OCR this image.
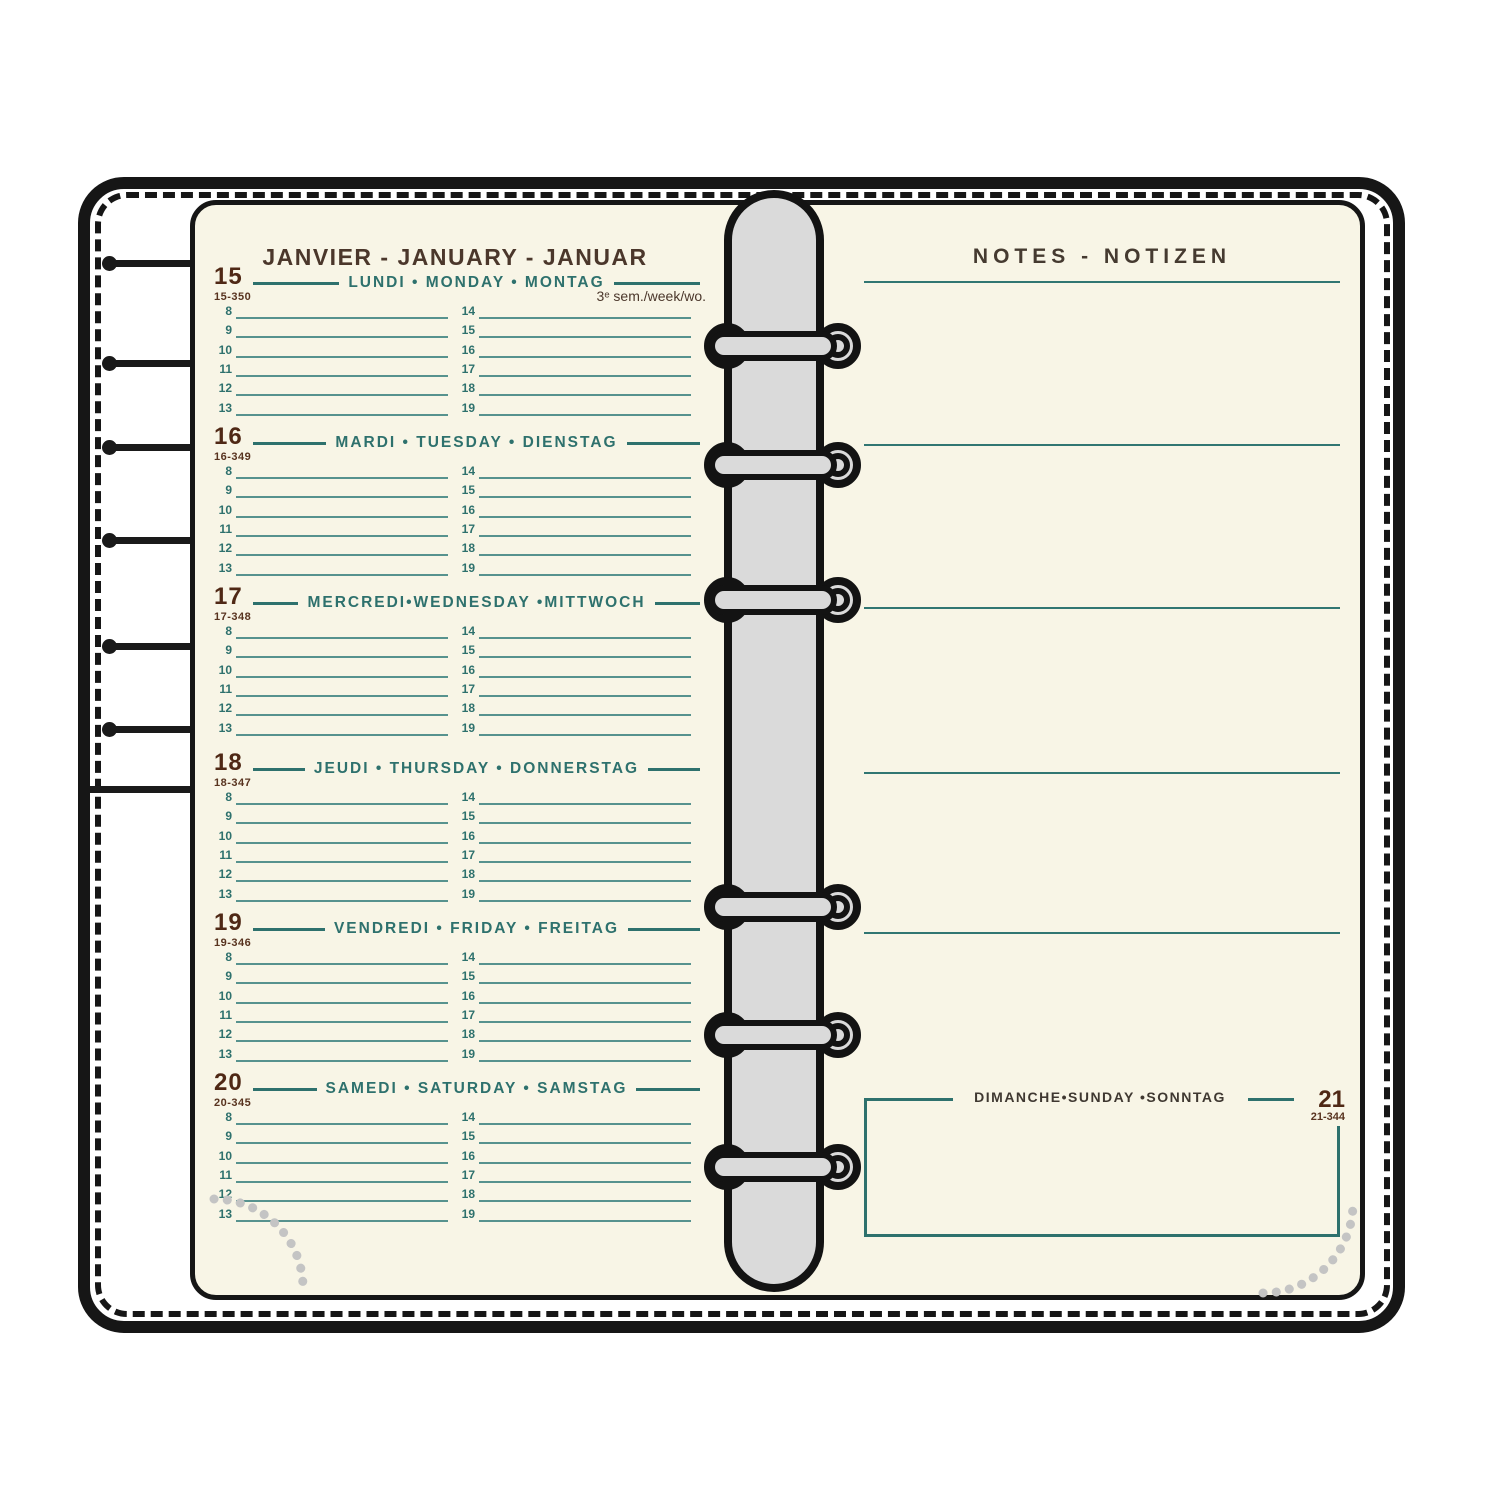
JANVIER - JANUARY - JANUAR
LUNDI • MONDAY • MONTAG
15
15-350	3ᵉ sem./week/wo.
8	14
9	15
10	16
11	17
12	18
13	19
MARDI • TUESDAY • DIENSTAG
16
16-349
8	14
9	15
10	16
11	17
12	18
13	19
MERCREDI•WEDNESDAY •MITTWOCH
17
17-348
8	14
9	15
10	16
11	17
12	18
13	19
JEUDI • THURSDAY • DONNERSTAG
18
18-347
8	14
9	15
10	16
11	17
12	18
13	19
VENDREDI • FRIDAY • FREITAG
19
19-346
8	14
9	15
10	16
11	17
12	18
13	19
SAMEDI • SATURDAY • SAMSTAG
20
20-345
8	14
9	15
10	16
11	17
12	18
13	19
NOTES - NOTIZEN
DIMANCHE•SUNDAY •SONNTAG	21
21-344
